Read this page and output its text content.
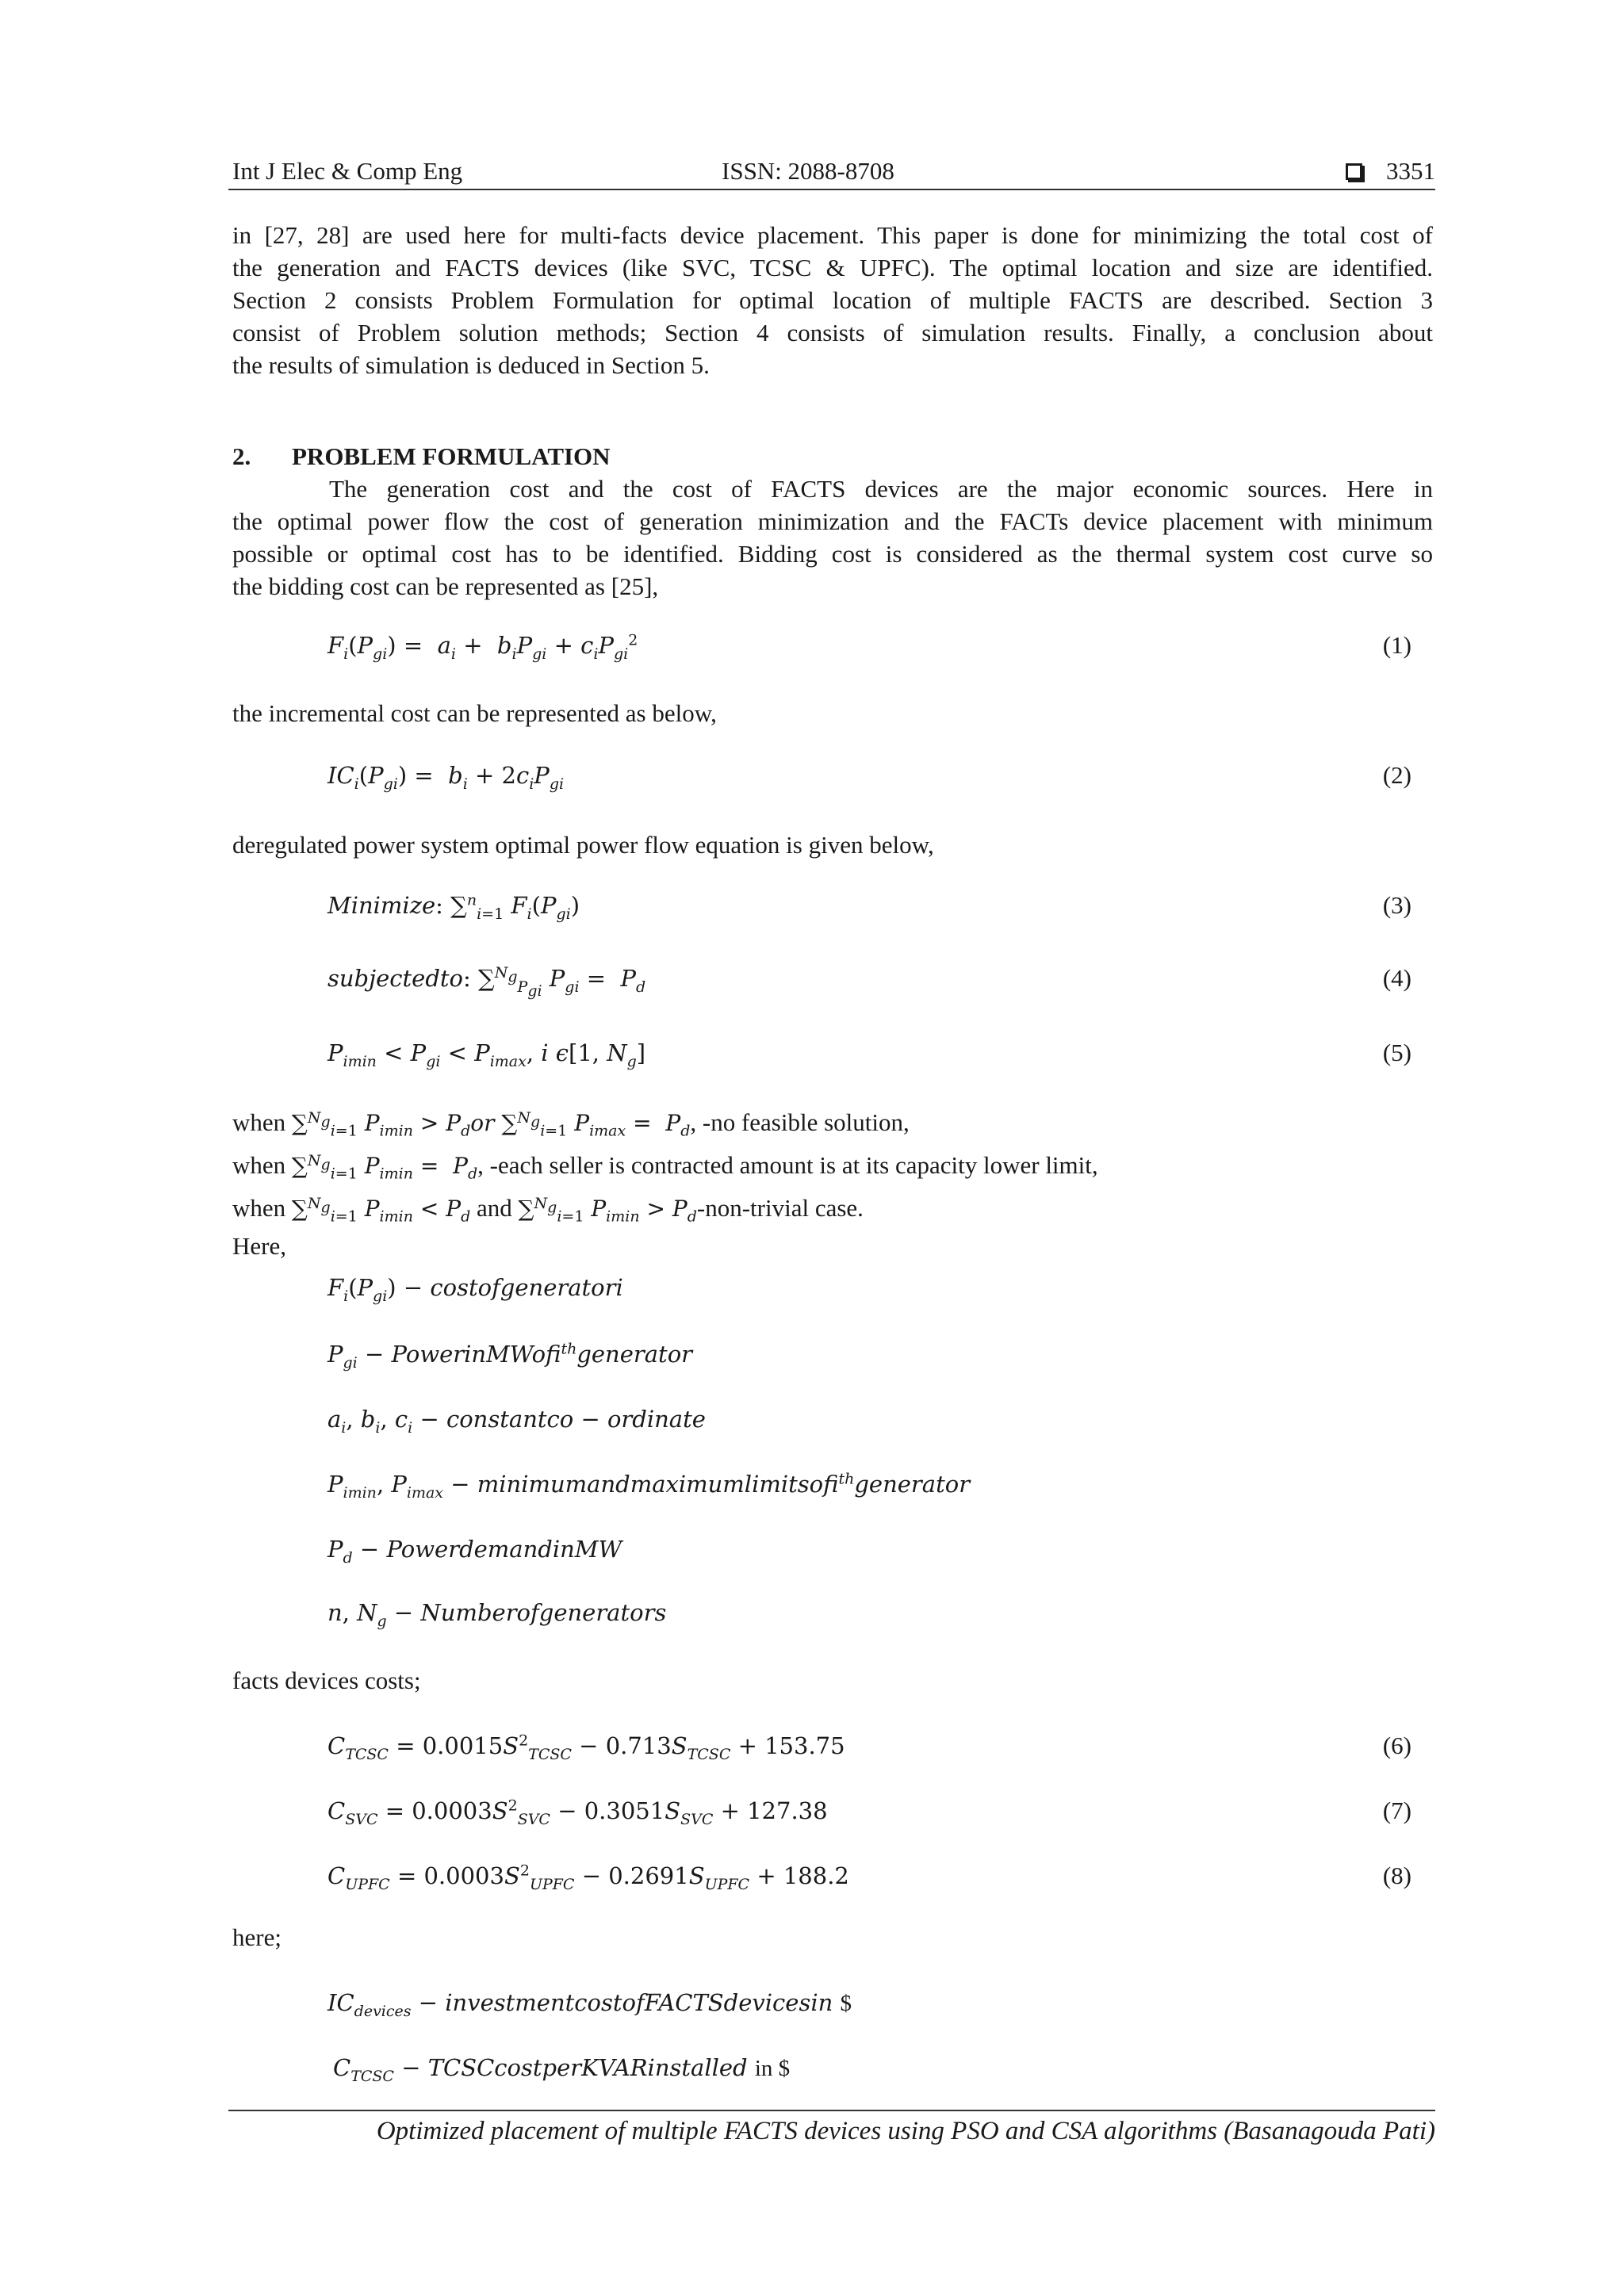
Int J Elec & Comp Eng	ISSN: 2088-8708	3351
in [27, 28] are used here for multi-facts device placement. This paper is done for minimizing the total cost of
the generation and FACTS devices (like SVC, TCSC & UPFC). The optimal location and size are identified.
Section 2 consists Problem Formulation for optimal location of multiple FACTS are described. Section 3
consist of Problem solution methods; Section 4 consists of simulation results. Finally, a conclusion about
the results of simulation is deduced in Section 5.
2. PROBLEM FORMULATION
The generation cost and the cost of FACTS devices are the major economic sources. Here in
the optimal power flow the cost of generation minimization and the FACTs device placement with minimum
possible or optimal cost has to be identified. Bidding cost is considered as the thermal system cost curve so
the bidding cost can be represented as [25],
$F_i(P_{gi}) = a_i + b_iP_{gi} + c_iP_{gi}^2$	(1)
the incremental cost can be represented as below,
$IC_i(P_{gi}) = b_i + 2c_iP_{gi}$	(2)
deregulated power system optimal power flow equation is given below,
Minimize: ∑$^n_{i=1}$ $F_i(P_{gi})$	(3)
subjectedto: ∑$^{N_g}_{P_{gi}}$ $P_{gi} = P_d$	(4)
$P_{imin} < P_{gi} < P_{imax}$, i ϵ[1, $N_g$]	(5)
when ∑$^{N_g}_{i=1}$ $P_{imin} > P_dor$ ∑$^{N_g}_{i=1}$ $P_{imax} = P_d$, -no feasible solution,
when ∑$^{N_g}_{i=1}$ $P_{imin} = P_d$, -each seller is contracted amount is at its capacity lower limit,
when ∑$^{N_g}_{i=1}$ $P_{imin} < P_d$ and ∑$^{N_g}_{i=1}$ $P_{imin}$ > $P_d-non$-trivial case.
Here,
$F_i(P_{gi})$ − costofgeneratori
$P_{gi}$ − PowerinMWofi$^{th}$generator
$a_i$, $b_i$, $c_i$ − constantco − ordinate
$P_{imin}$, $P_{imax}$ − minimumandmaximumlimitsofi$^{th}$generator
$P_d$ − PowerdemandinMW
n, $N_g$ − Numberofgenerators
facts devices costs;
$C_{TCSC} = 0.0015S^2_{TCSC} - 0.713S_{TCSC} + 153.75$	(6)
$C_{SVC} = 0.0003S^2_{SVC} - 0.3051S_{SVC} + 127.38$	(7)
$C_{UPFC} = 0.0003S^2_{UPFC} - 0.2691S_{UPFC} + 188.2$	(8)
here;
$IC_{devices}$ − investmentcostofFACTSdevicesin $
$C_{TCSC}$ − TCSCcostperKVARinstalled in $
Optimized placement of multiple FACTS devices using PSO and CSA algorithms (Basanagouda Pati)
